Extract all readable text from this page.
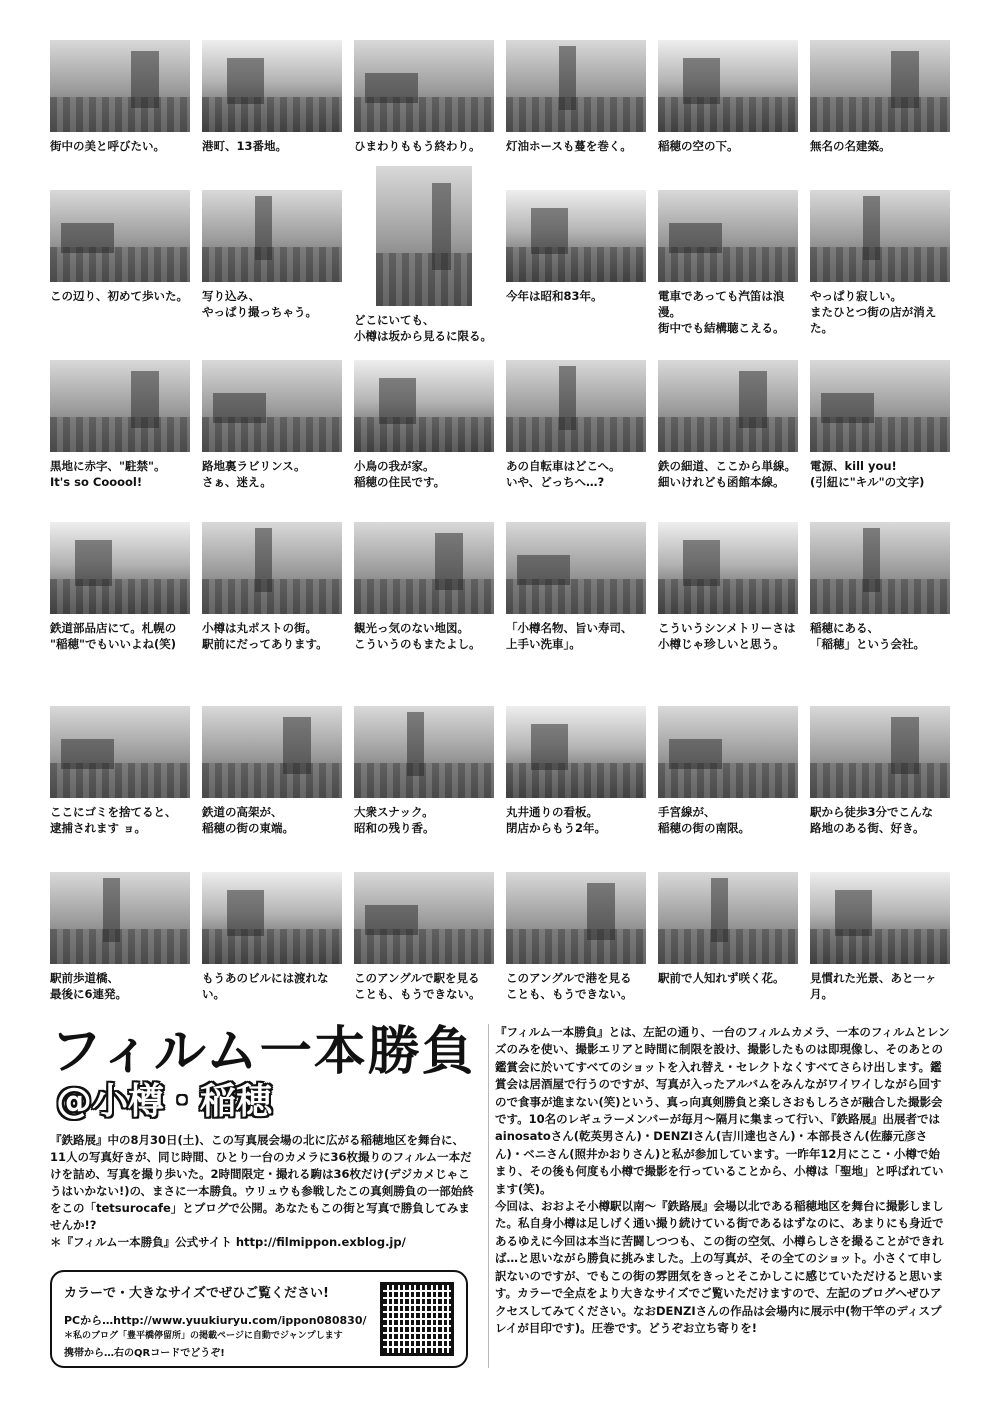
街中の美と呼びたい。	港町、13番地。	ひまわりももう終わり。	灯油ホースも蔓を巻く。	稲穂の空の下。	無名の名建築。
この辺り、初めて歩いた。 写り込み、
やっぱり撮っちゃう。
どこにいても、
小樽は坂から見るに限る。
今年は昭和83年。	電車であっても汽笛は浪漫。
街中でも結構聴こえる。
やっぱり寂しい。
またひとつ街の店が消えた。
黒地に赤字、"駐禁"。
It's so Cooool!
路地裏ラビリンス。
さぁ、迷え。
小鳥の我が家。
稲穂の住民です。
あの自転車はどこへ。
いや、どっちへ…?
鉄の細道、ここから単線。
細いけれども函館本線。
電源、kill you!
(引紐に"キル"の文字)
鉄道部品店にて。札幌の
"稲穂"でもいいよね(笑)
小樽は丸ポストの街。
駅前にだってあります。
観光っ気のない地図。
こういうのもまたよし。
「小樽名物、旨い寿司、
上手い洗車」。
こういうシンメトリーさは
小樽じゃ珍しいと思う。
稲穂にある、
「稲穂」という会社。
ここにゴミを捨てると、
逮捕されます ョ。
鉄道の高架が、
稲穂の街の東端。
大衆スナック。
昭和の残り香。
丸井通りの看板。
閉店からもう2年。
手宮線が、
稲穂の街の南限。
駅から徒歩3分でこんな
路地のある街、好き。
駅前歩道橋、
最後に6連発。
もうあのビルには渡れない。
このアングルで駅を見る
ことも、もうできない。
このアングルで港を見る
ことも、もうできない。
駅前で人知れず咲く花。	見慣れた光景、あと一ヶ月。
フィルム一本勝負
@小樽・稲穂

『鉄路展』中の8月30日(土)、この写真展会場の北に広がる稲穂地区を舞台に、11人の写真好きが、同じ時間、ひとり一台のカメラに36枚撮りのフィルム一本だけを詰め、写真を撮り歩いた。2時間限定・撮れる駒は36枚だけ(デジカメじゃこうはいかない!)の、まさに一本勝負。ウリュウも参戦したこの真剣勝負の一部始終をこの「tetsurocafe」とブログで公開。あなたもこの街と写真で勝負してみませんか!?

＊『フィルム一本勝負』公式サイト http://filmippon.exblog.jp/

カラーで・大きなサイズでぜひご覧ください!
PCから…http://www.yuukiuryu.com/ippon080830/
＊私のブログ「豊平橋停留所」の掲載ページに自動でジャンプします
携帯から…右のQRコードでどうぞ!

『フィルム一本勝負』とは、左記の通り、一台のフィルムカメラ、一本のフィルムとレンズのみを使い、撮影エリアと時間に制限を設け、撮影したものは即現像し、そのあとの鑑賞会に於いてすべてのショットを入れ替え・セレクトなくすべてさらけ出します。鑑賞会は居酒屋で行うのですが、写真が入ったアルバムをみんながワイワイしながら回すので食事が進まない(笑)という、真っ向真剣勝負と楽しさおもしろさが融合した撮影会です。10名のレギュラーメンバーが毎月〜隔月に集まって行い、『鉄路展』出展者ではainosatoさん(乾英男さん)・DENZIさん(吉川達也さん)・本部長さん(佐藤元彦さん)・ベニさん(照井かおりさん)と私が参加しています。一昨年12月にここ・小樽で始まり、その後も何度も小樽で撮影を行っていることから、小樽は「聖地」と呼ばれています(笑)。

今回は、おおよそ小樽駅以南〜『鉄路展』会場以北である稲穂地区を舞台に撮影しました。私自身小樽は足しげく通い撮り続けている街であるはずなのに、あまりにも身近であるゆえに今回は本当に苦闘しつつも、この街の空気、小樽らしさを撮ることができれば…と思いながら勝負に挑みました。上の写真が、その全てのショット。小さくて申し訳ないのですが、でもこの街の雰囲気をきっとそこかしこに感じていただけると思います。カラーで全点をより大きなサイズでご覧いただけますので、左記のブログへぜひアクセスしてみてください。なおDENZIさんの作品は会場内に展示中(物干竿のディスプレイが目印です)。圧巻です。どうぞお立ち寄りを!
